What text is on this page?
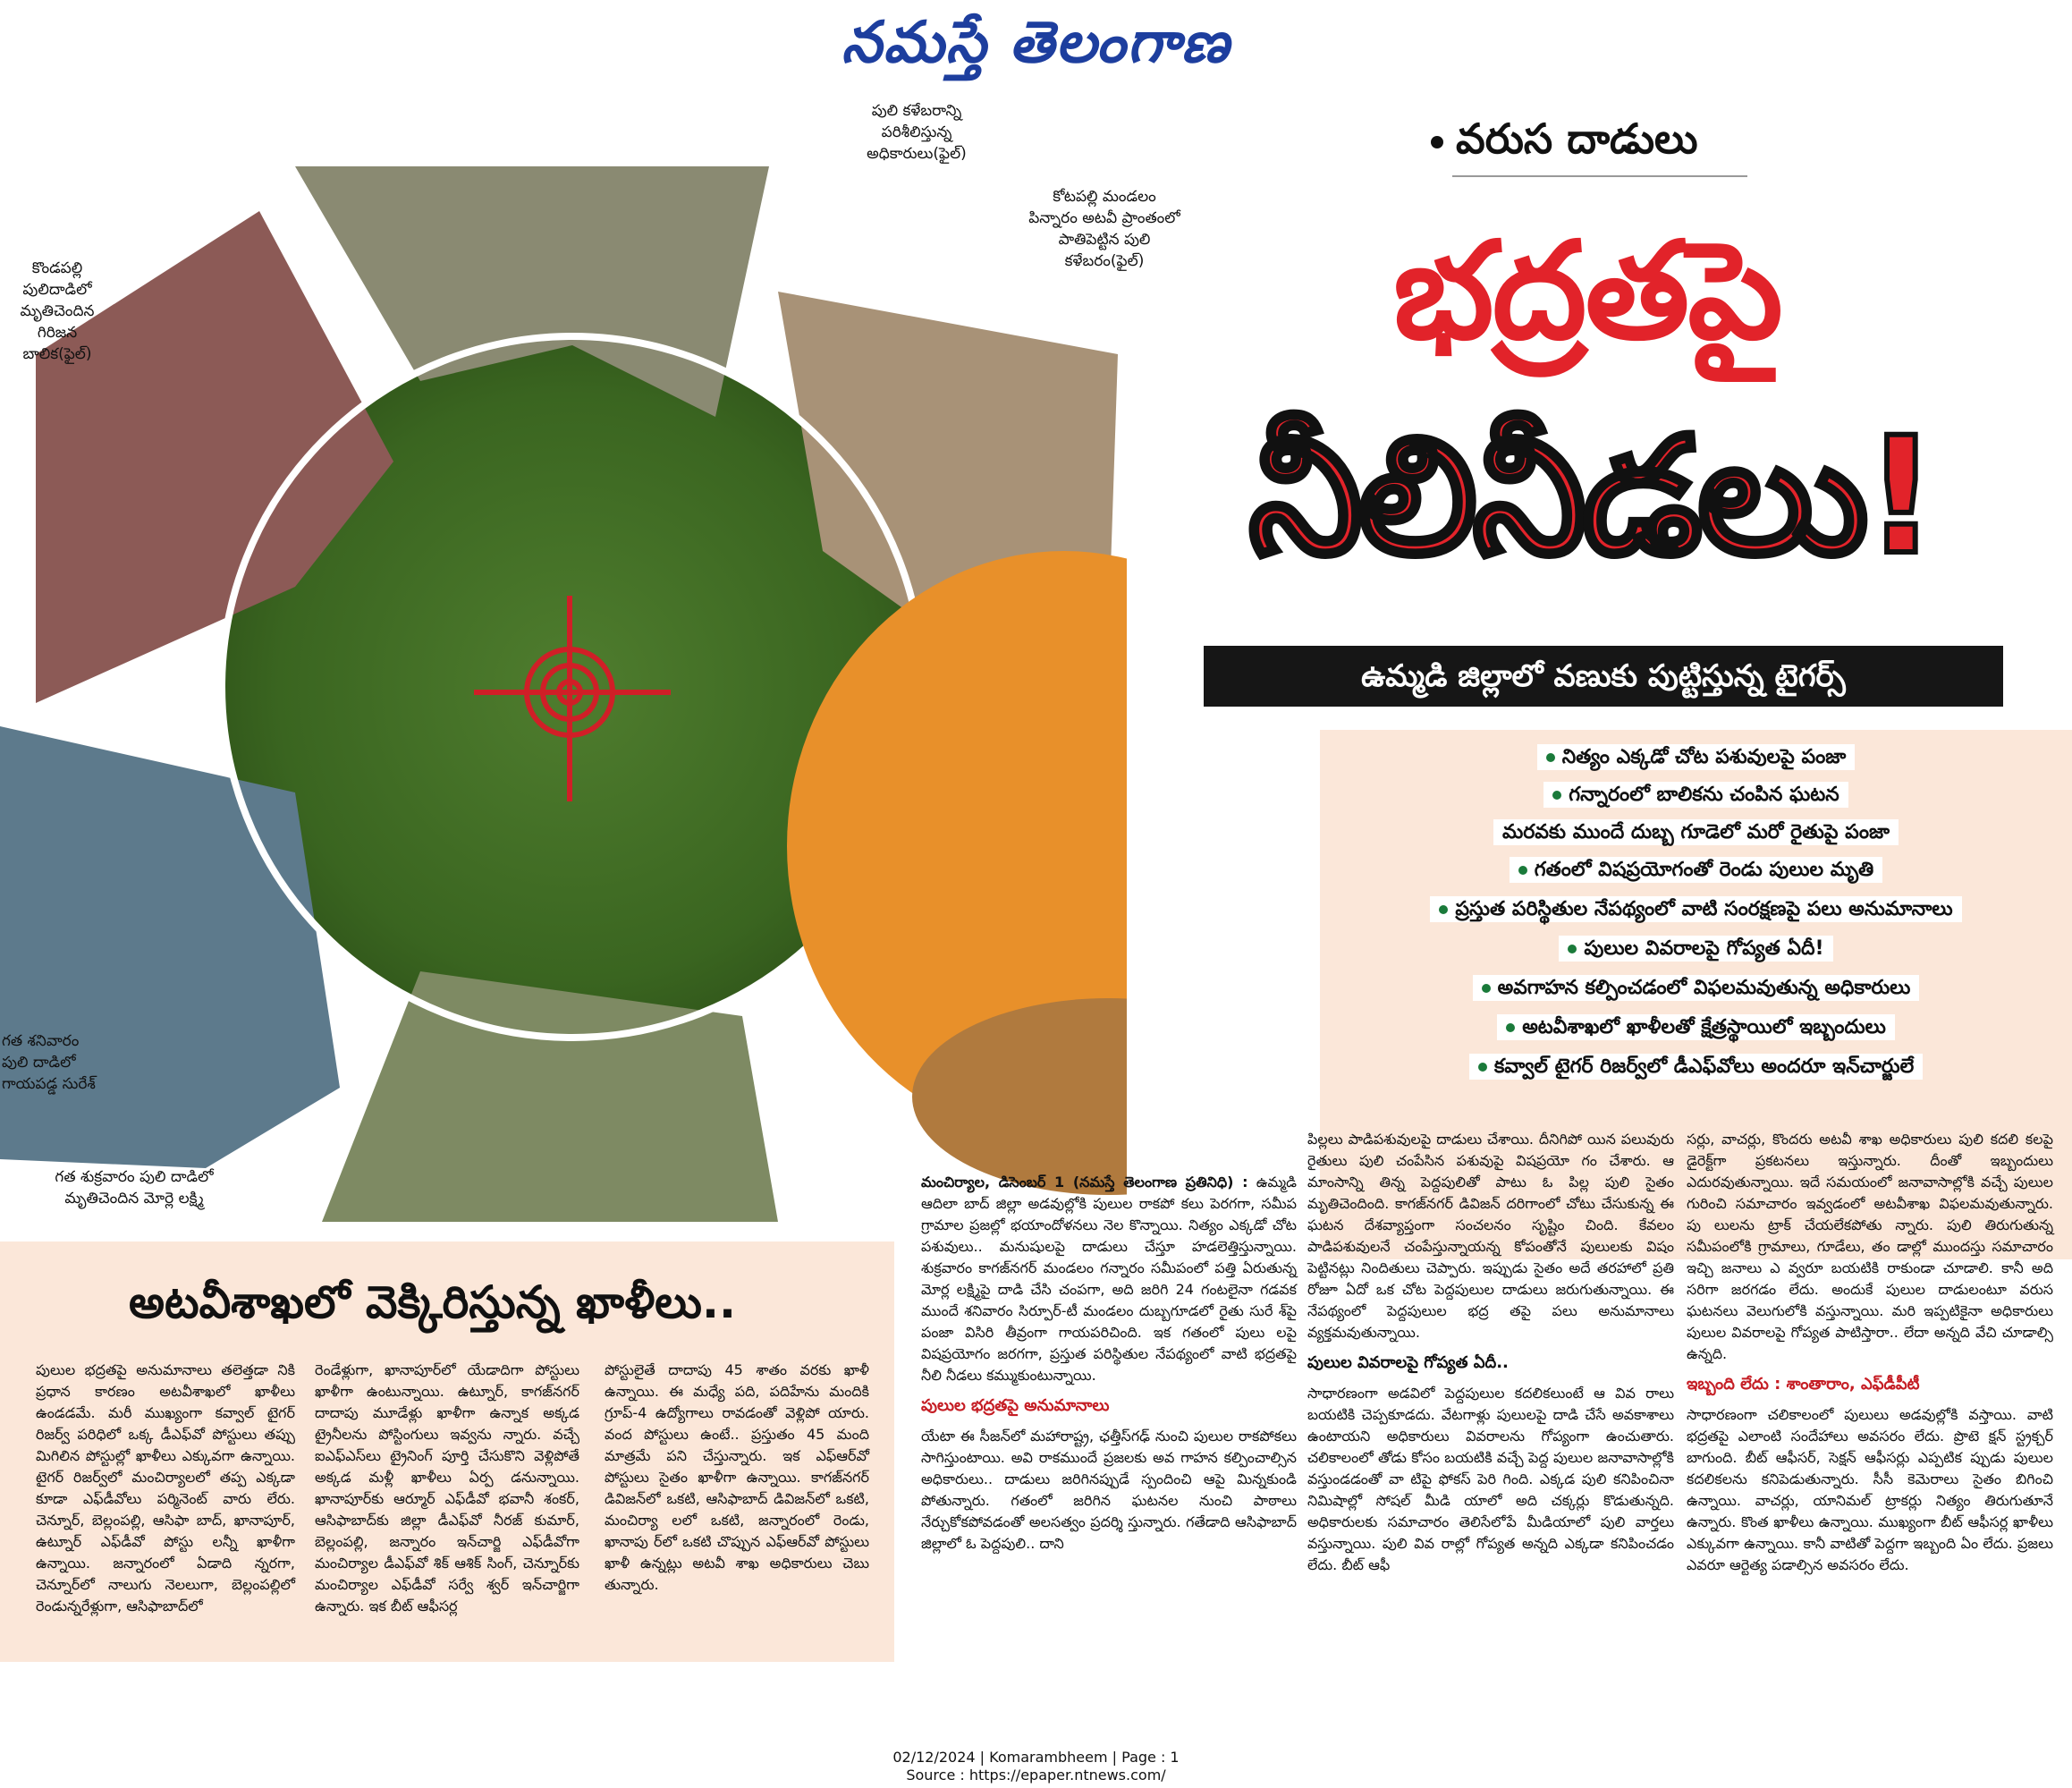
నమస్తే తెలంగాణ
పులి కళేబరాన్ని
పరిశీలిస్తున్న
అధికారులు(ఫైల్)
కోటపల్లి మండలం
పిన్నారం అటవీ ప్రాంతంలో
పాతిపెట్టిన పులి
కళేబరం(ఫైల్)
కొండపల్లి
పులిదాడిలో
మృతిచెందిన
గిరిజన
బాలిక(ఫైల్)
గత శనివారం
పులి దాడిలో
గాయపడ్డ సురేశ్
గత శుక్రవారం పులి దాడిలో
మృతిచెందిన మోర్లె లక్ష్మి
వరుస దాడులు
భద్రతపై
నీలినీడలు!
ఉమ్మడి జిల్లాలో వణుకు పుట్టిస్తున్న టైగర్స్
నిత్యం ఎక్కడో చోట పశువులపై పంజా
గన్నారంలో బాలికను చంపిన ఘటన
మరవకు ముందే దుబ్బ గూడెలో మరో రైతుపై పంజా
గతంలో విషప్రయోగంతో రెండు పులుల మృతి
ప్రస్తుత పరిస్థితుల నేపథ్యంలో వాటి సంరక్షణపై పలు అనుమానాలు
పులుల వివరాలపై గోప్యత ఏదీ!
అవగాహన కల్పించడంలో విఫలమవుతున్న అధికారులు
అటవీశాఖలో ఖాళీలతో క్షేత్రస్థాయిలో ఇబ్బందులు
కవ్వాల్ టైగర్ రిజర్వ్‌లో డీఎఫ్‌వోలు అందరూ ఇన్‌చార్జులే
అటవీశాఖలో వెక్కిరిస్తున్న ఖాళీలు..

పులుల భద్రతపై అనుమానాలు తలెత్తడా నికి ప్రధాన కారణం అటవీశాఖలో ఖాళీలు ఉండడమే. మరీ ముఖ్యంగా కవ్వాల్ టైగర్ రిజర్వ్ పరిధిలో ఒక్క డీఎఫ్‌వో పోస్టులు తప్పు మిగిలిన పోస్టుల్లో ఖాళీలు ఎక్కువగా ఉన్నాయి. టైగర్ రిజర్వ్‌లో మంచిర్యాలలో తప్ప ఎక్కడా కూడా ఎఫ్‌డీవోలు పర్మినెంట్ వారు లేరు. చెన్నూర్, బెల్లంపల్లి, ఆసిఫా బాద్, ఖానాపూర్, ఉట్నూర్ ఎఫ్‌డీవో పోస్టు లన్నీ ఖాళీగా ఉన్నాయి. జన్నారంలో ఏడాది న్నరగా, చెన్నూర్‌లో నాలుగు నెలలుగా, బెల్లంపల్లిలో రెండున్నరేళ్లుగా, ఆసిఫాబాద్‌లో

రెండేళ్లుగా, ఖానాపూర్‌లో యేడాదిగా పోస్టులు ఖాళీగా ఉంటున్నాయి. ఉట్నూర్, కాగజ్‌నగర్ దాదాపు మూడేళ్లు ఖాళీగా ఉన్నాక అక్కడ ట్రైనీలను పోస్టింగులు ఇవ్వను న్నారు. వచ్చే ఐఎఫ్‌ఎస్‌లు ట్రైనింగ్ పూర్తి చేసుకొని వెళ్లిపోతే అక్కడ మళ్లీ ఖాళీలు ఏర్ప డనున్నాయి. ఖానాపూర్‌కు ఆర్మూర్ ఎఫ్‌డీవో భవానీ శంకర్, ఆసిఫాబాద్‌కు జిల్లా డీఎఫ్‌వో నీరజ్ కుమార్, బెల్లంపల్లి, జన్నారం ఇన్‌చార్జి ఎఫ్‌డీవోగా మంచిర్యాల డీఎఫ్‌వో శిక్ ఆశిక్ సింగ్, చెన్నూర్‌కు మంచిర్యాల ఎఫ్‌డీవో సర్వే శ్వర్ ఇన్‌చార్జిగా ఉన్నారు. ఇక బీట్ ఆఫీసర్ల

పోస్టులైతే దాదాపు 45 శాతం వరకు ఖాళీ ఉన్నాయి. ఈ మధ్యే పది, పదిహేను మందికి గ్రూప్-4 ఉద్యోగాలు రావడంతో వెళ్లిపో యారు. వంద పోస్టులు ఉంటే.. ప్రస్తుతం 45 మంది మాత్రమే పని చేస్తున్నారు. ఇక ఎఫ్‌ఆర్‌వో పోస్టులు సైతం ఖాళీగా ఉన్నాయి. కాగజ్‌నగర్ డివిజన్‌లో ఒకటి, ఆసిఫాబాద్ డివిజన్‌లో ఒకటి, మంచిర్యా లలో ఒకటి, జన్నారంలో రెండు, ఖానాపు ర్‌లో ఒకటి చొప్పున ఎఫ్‌ఆర్‌వో పోస్టులు ఖాళీ ఉన్నట్లు అటవీ శాఖ అధికారులు చెబు తున్నారు.

మంచిర్యాల, డిసెంబర్ 1 (నమస్తే తెలంగాణ ప్రతినిధి) : ఉమ్మడి ఆదిలా బాద్ జిల్లా అడవుల్లోకి పులుల రాకపో కలు పెరగగా, సమీప గ్రామాల ప్రజల్లో భయాందోళనలు నెల కొన్నాయి. నిత్యం ఎక్కడో చోట పశువులు.. మనుషులపై దాడులు చేస్తూ హడలెత్తిస్తున్నాయి. శుక్రవారం కాగజ్‌నగర్ మండలం గన్నారం సమీపంలో పత్తి ఏరుతున్న మోర్ల లక్ష్మిపై దాడి చేసి చంపగా, అది జరిగి 24 గంటలైనా గడవక ముందే శనివారం సిర్పూర్-టీ మండలం దుబ్బగూడలో రైతు సురే శ్‌పై పంజా విసిరి తీవ్రంగా గాయపరిచింది. ఇక గతంలో పులు లపై విషప్రయోగం జరగగా, ప్రస్తుత పరిస్థితుల నేపథ్యంలో వాటి భద్రతపై నీలి నీడలు కమ్ముకుంటున్నాయి.

పులుల భద్రతపై అనుమానాలు

యేటా ఈ సీజన్‌లో మహారాష్ట్ర, ఛత్తీస్‌గఢ్ నుంచి పులుల రాకపోకలు సాగిస్తుంటాయి. అవి రాకముందే ప్రజలకు అవ గాహన కల్పించాల్సిన అధికారులు.. దాడులు జరిగినప్పుడే స్పందించి ఆపై మిన్నకుండి పోతున్నారు. గతంలో జరిగిన ఘటనల నుంచి పాఠాలు నేర్చుకోకపోవడంతో అలసత్వం ప్రదర్శి స్తున్నారు. గతేడాది ఆసిఫాబాద్ జిల్లాలో ఓ పెద్దపులి.. దాని

పిల్లలు పాడిపశువులపై దాడులు చేశాయి. దీనిగిపో యిన పలువురు రైతులు పులి చంపేసిన పశువుపై విషప్రయో గం చేశారు. ఆ మాంసాన్ని తిన్న పెద్దపులితో పాటు ఓ పిల్ల పులి సైతం మృతిచెందింది. కాగజ్‌నగర్ డివిజన్ దరిగాంలో చోటు చేసుకున్న ఈ ఘటన దేశవ్యాప్తంగా సంచలనం సృష్టిం చింది. కేవలం పాడిపశువులనే చంపేస్తున్నాయన్న కోపంతోనే పులులకు విషం పెట్టినట్లు నిందితులు చెప్పారు. ఇప్పుడు సైతం అదే తరహాలో ప్రతి రోజూ ఏదో ఒక చోట పెద్దపులుల దాడులు జరుగుతున్నాయి. ఈ నేపథ్యంలో పెద్దపులుల భద్ర తపై పలు అనుమానాలు వ్యక్తమవుతున్నాయి.

పులుల వివరాలపై గోప్యత ఏదీ..

సాధారణంగా అడవిలో పెద్దపులుల కదలికలుంటే ఆ వివ రాలు బయటికి చెప్పకూడదు. వేటగాళ్లు పులులపై దాడి చేసే అవకాశాలు ఉంటాయని అధికారులు వివరాలను గోప్యంగా ఉంచుతారు. చలికాలంలో తోడు కోసం బయటికి వచ్చే పెద్ద పులుల జనావాసాల్లోకి వస్తుండడంతో వా టిపై ఫోకస్ పెరి గింది. ఎక్కడ పులి కనిపించినా నిమిషాల్లో సోషల్ మీడి యాలో అది చక్కర్లు కొడుతున్నది. అధికారులకు సమాచారం తెలిసేలోపే మీడియాలో పులి వార్తలు వస్తున్నాయి. పులి వివ రాల్లో గోప్యత అన్నది ఎక్కడా కనిపించడం లేదు. బీట్ ఆఫీ

సర్లు, వాచర్లు, కొందరు అటవీ శాఖ అధికారులు పులి కదలి కలపై డైరెక్ట్‌గా ప్రకటనలు ఇస్తున్నారు. దీంతో ఇబ్బందులు ఎదురవుతున్నాయి. ఇదే సమయంలో జనావాసాల్లోకి వచ్చే పులుల గురించి సమాచారం ఇవ్వడంలో అటవీశాఖ విఫలమవుతున్నారు. పు లులను ట్రాక్ చేయలేకపోతు న్నారు. పులి తిరుగుతున్న సమీపంలోకి గ్రామాలు, గూడేలు, తం డాల్లో ముందస్తు సమాచారం ఇచ్చి జనాలు ఎ వ్వరూ బయటికి రాకుండా చూడాలి. కానీ అది సరిగా జరగడం లేదు. అందుకే పులుల దాడులంటూ వరుస ఘటనలు వెలుగులోకి వస్తున్నాయి. మరి ఇప్పటికైనా అధికారులు పులుల వివరాలపై గోప్యత పాటిస్తారా.. లేదా అన్నది వేచి చూడాల్సి ఉన్నది.

ఇబ్బంది లేదు : శాంతారాం, ఎఫ్‌డీపీటీ

సాధారణంగా చలికాలంలో పులులు అడవుల్లోకి వస్తాయి. వాటి భద్రతపై ఎలాంటి సందేహాలు అవసరం లేదు. ప్రొటె క్షన్ స్ట్రక్చర్ బాగుంది. బీట్ ఆఫీసర్, సెక్షన్ ఆఫీసర్లు ఎప్పటిక ప్పుడు పులుల కదలికలను కనిపెడుతున్నారు. సీసీ కెమెరాలు సైతం బిగించి ఉన్నాయి. వాచర్లు, యానిమల్ ట్రాకర్లు నిత్యం తిరుగుతూనే ఉన్నారు. కొంత ఖాళీలు ఉన్నాయి. ముఖ్యంగా బీట్ ఆఫీసర్ల ఖాళీలు ఎక్కువగా ఉన్నాయి. కానీ వాటితో పెద్దగా ఇబ్బంది ఏం లేదు. ప్రజలు ఎవరూ ఆర్టెత్య పడాల్సిన అవసరం లేదు.

02/12/2024 | Komarambheem | Page : 1
Source : https://epaper.ntnews.com/
